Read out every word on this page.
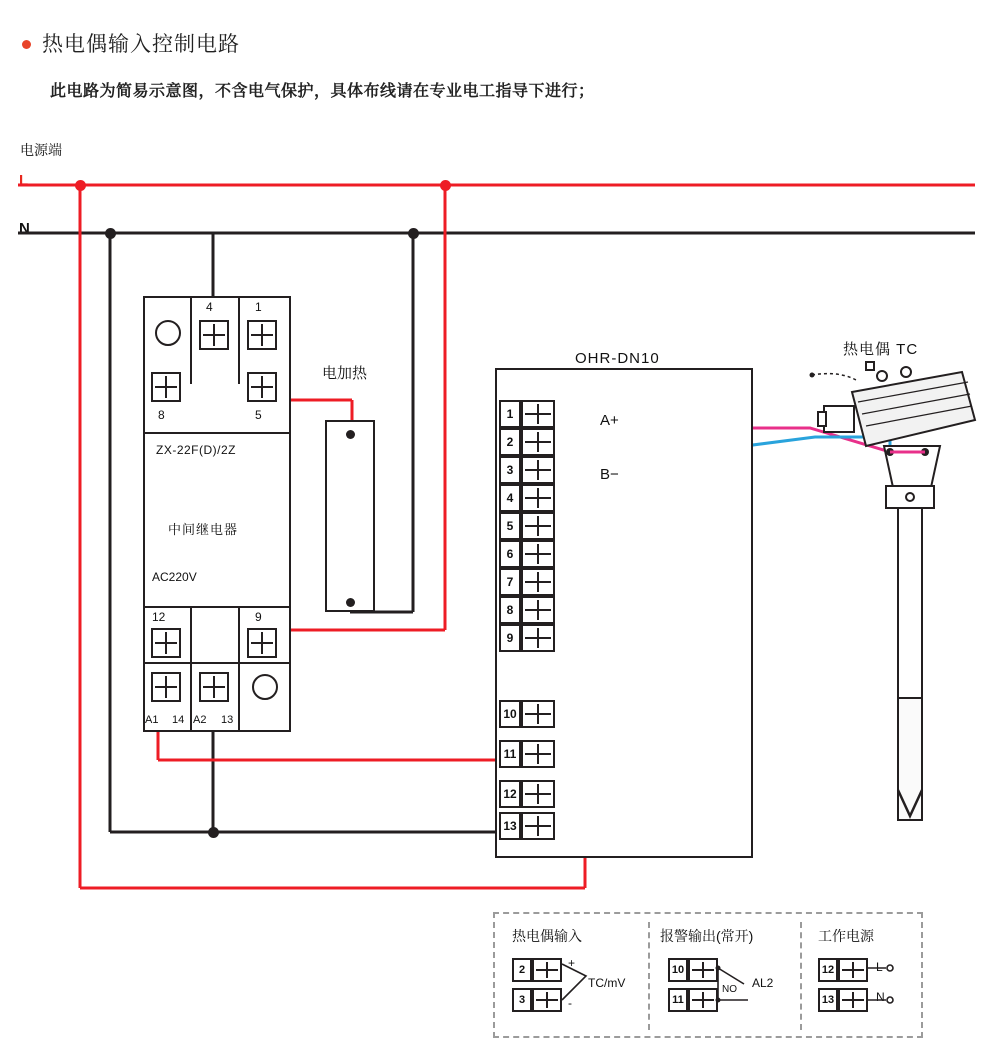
热电偶输入控制电路
此电路为简易示意图，不含电气保护，具体布线请在专业电工指导下进行；
电源端
L
N
ZX-22F(D)/2Z
中间继电器
AC220V
4	1
8	5
12	9
A1 14 A2 13
电加热
OHR-DN10
1
2
3
4
5
6
7
8
9
10
11
12
13
A+
B−
热电偶 TC
热电偶输入	报警输出(常开)	工作电源
2
3
+
-
TC/mV
10
11
NO AL2
12
13
L
N
